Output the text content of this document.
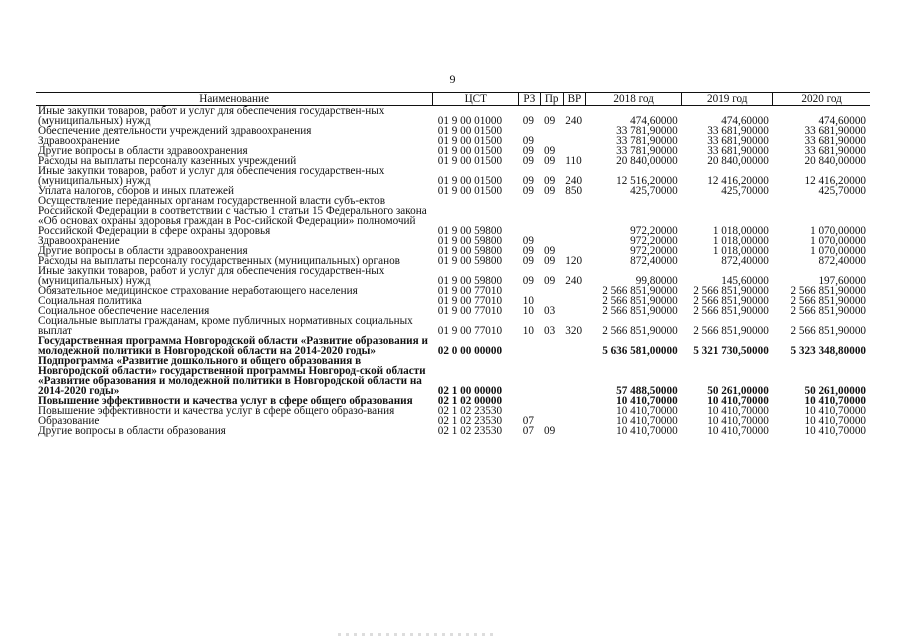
9
Наименование	ЦСТ	РЗ	Пр	ВР	2018 год	2019 год	2020 год
Иные закупки товаров, работ и услуг для обеспечения государствен-ных (муниципальных) нужд	01 9 00 01000	09	09	240	474,60000	474,60000	474,60000
Обеспечение деятельности учреждений здравоохранения	01 9 00 01500				33 781,90000	33 681,90000	33 681,90000
Здравоохранение	01 9 00 01500	09			33 781,90000	33 681,90000	33 681,90000
Другие вопросы в области здравоохранения	01 9 00 01500	09	09		33 781,90000	33 681,90000	33 681,90000
Расходы на выплаты персоналу казенных учреждений	01 9 00 01500	09	09	110	20 840,00000	20 840,00000	20 840,00000
Иные закупки товаров, работ и услуг для обеспечения государствен-ных (муниципальных) нужд	01 9 00 01500	09	09	240	12 516,20000	12 416,20000	12 416,20000
Уплата налогов, сборов и иных платежей	01 9 00 01500	09	09	850	425,70000	425,70000	425,70000
Осуществление переданных органам государственной власти субъ-ектов Российской Федерации в соответствии с частью 1 статьи 15 Федерального закона «Об основах охраны здоровья граждан в Рос-сийской Федерации» полномочий Российской Федерации в сфере охраны здоровья	01 9 00 59800				972,20000	1 018,00000	1 070,00000
Здравоохранение	01 9 00 59800	09			972,20000	1 018,00000	1 070,00000
Другие вопросы в области здравоохранения	01 9 00 59800	09	09		972,20000	1 018,00000	1 070,00000
Расходы на выплаты персоналу государственных (муниципальных) органов	01 9 00 59800	09	09	120	872,40000	872,40000	872,40000
Иные закупки товаров, работ и услуг для обеспечения государствен-ных (муниципальных) нужд	01 9 00 59800	09	09	240	99,80000	145,60000	197,60000
Обязательное медицинское страхование неработающего населения	01 9 00 77010				2 566 851,90000	2 566 851,90000	2 566 851,90000
Социальная политика	01 9 00 77010	10			2 566 851,90000	2 566 851,90000	2 566 851,90000
Социальное обеспечение населения	01 9 00 77010	10	03		2 566 851,90000	2 566 851,90000	2 566 851,90000
Социальные выплаты гражданам, кроме публичных нормативных социальных выплат	01 9 00 77010	10	03	320	2 566 851,90000	2 566 851,90000	2 566 851,90000
Государственная программа Новгородской области «Развитие образования и молодежной политики в Новгородской области на 2014-2020 годы»	02 0 00 00000				5 636 581,00000	5 321 730,50000	5 323 348,80000
Подпрограмма «Развитие дошкольного и общего образования в Новгородской области» государственной программы Новгород-ской области «Развитие образования и молодежной политики в Новгородской области на 2014-2020 годы»	02 1 00 00000				57 488,50000	50 261,00000	50 261,00000
Повышение эффективности и качества услуг в сфере общего образования	02 1 02 00000				10 410,70000	10 410,70000	10 410,70000
Повышение эффективности и качества услуг в сфере общего образо-вания	02 1 02 23530				10 410,70000	10 410,70000	10 410,70000
Образование	02 1 02 23530	07			10 410,70000	10 410,70000	10 410,70000
Другие вопросы в области образования	02 1 02 23530	07	09		10 410,70000	10 410,70000	10 410,70000
